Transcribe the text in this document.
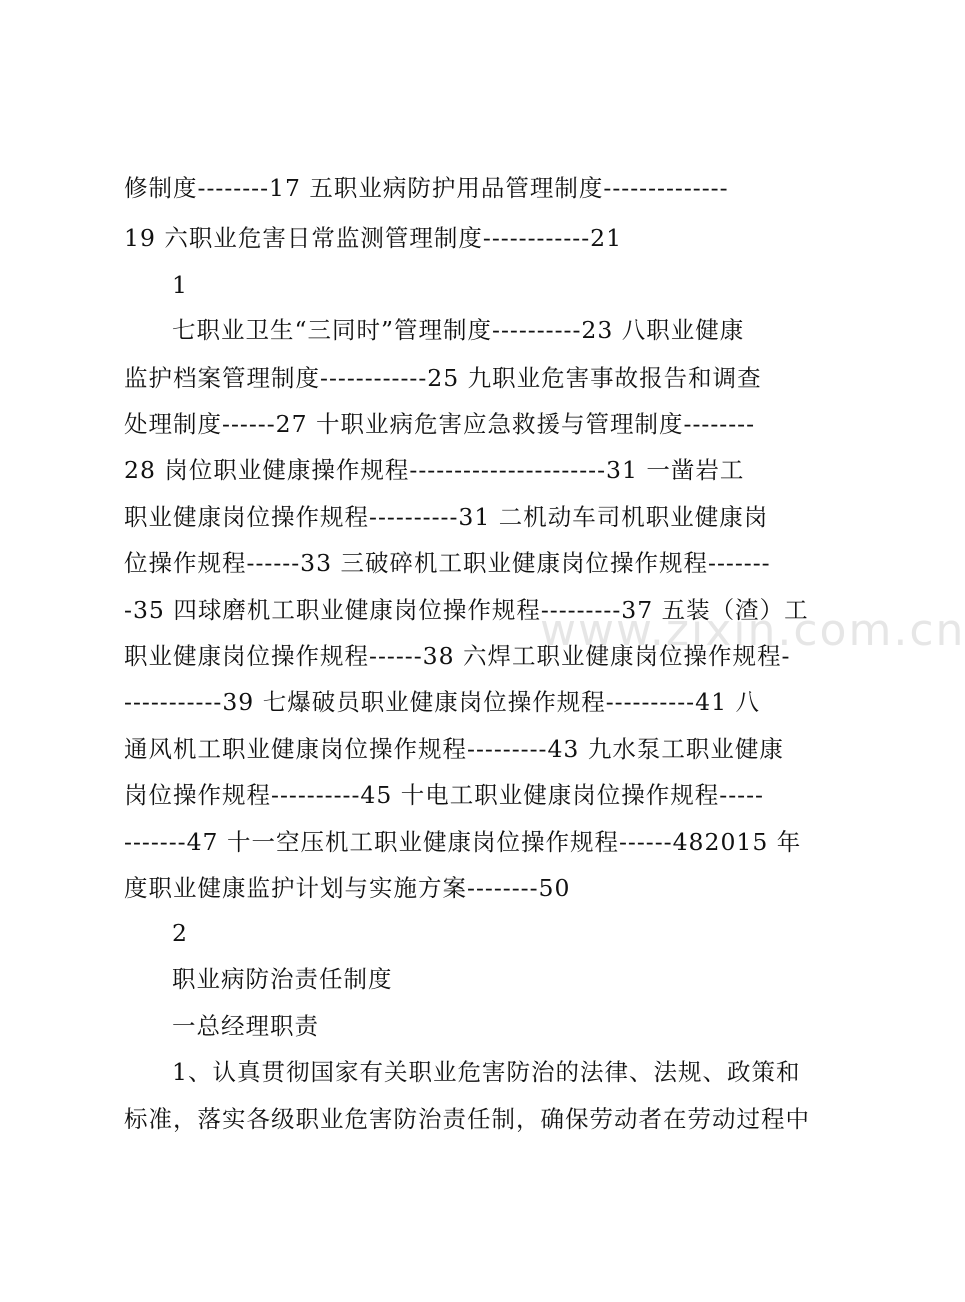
www.zixin.com.cn
修制度--------17 五职业病防护用品管理制度--------------
19 六职业危害日常监测管理制度------------21
1
七职业卫生“三同时”管理制度----------23 八职业健康
监护档案管理制度------------25 九职业危害事故报告和调查
处理制度------27 十职业病危害应急救援与管理制度--------
28 岗位职业健康操作规程----------------------31 一凿岩工
职业健康岗位操作规程----------31 二机动车司机职业健康岗
位操作规程------33 三破碎机工职业健康岗位操作规程-------
-35 四球磨机工职业健康岗位操作规程---------37 五装（渣）工
职业健康岗位操作规程------38 六焊工职业健康岗位操作规程-
-----------39 七爆破员职业健康岗位操作规程----------41 八
通风机工职业健康岗位操作规程---------43 九水泵工职业健康
岗位操作规程----------45 十电工职业健康岗位操作规程-----
-------47 十一空压机工职业健康岗位操作规程------482015 年
度职业健康监护计划与实施方案--------50
2
职业病防治责任制度
一总经理职责
1、认真贯彻国家有关职业危害防治的法律、法规、政策和
标准，落实各级职业危害防治责任制，确保劳动者在劳动过程中
